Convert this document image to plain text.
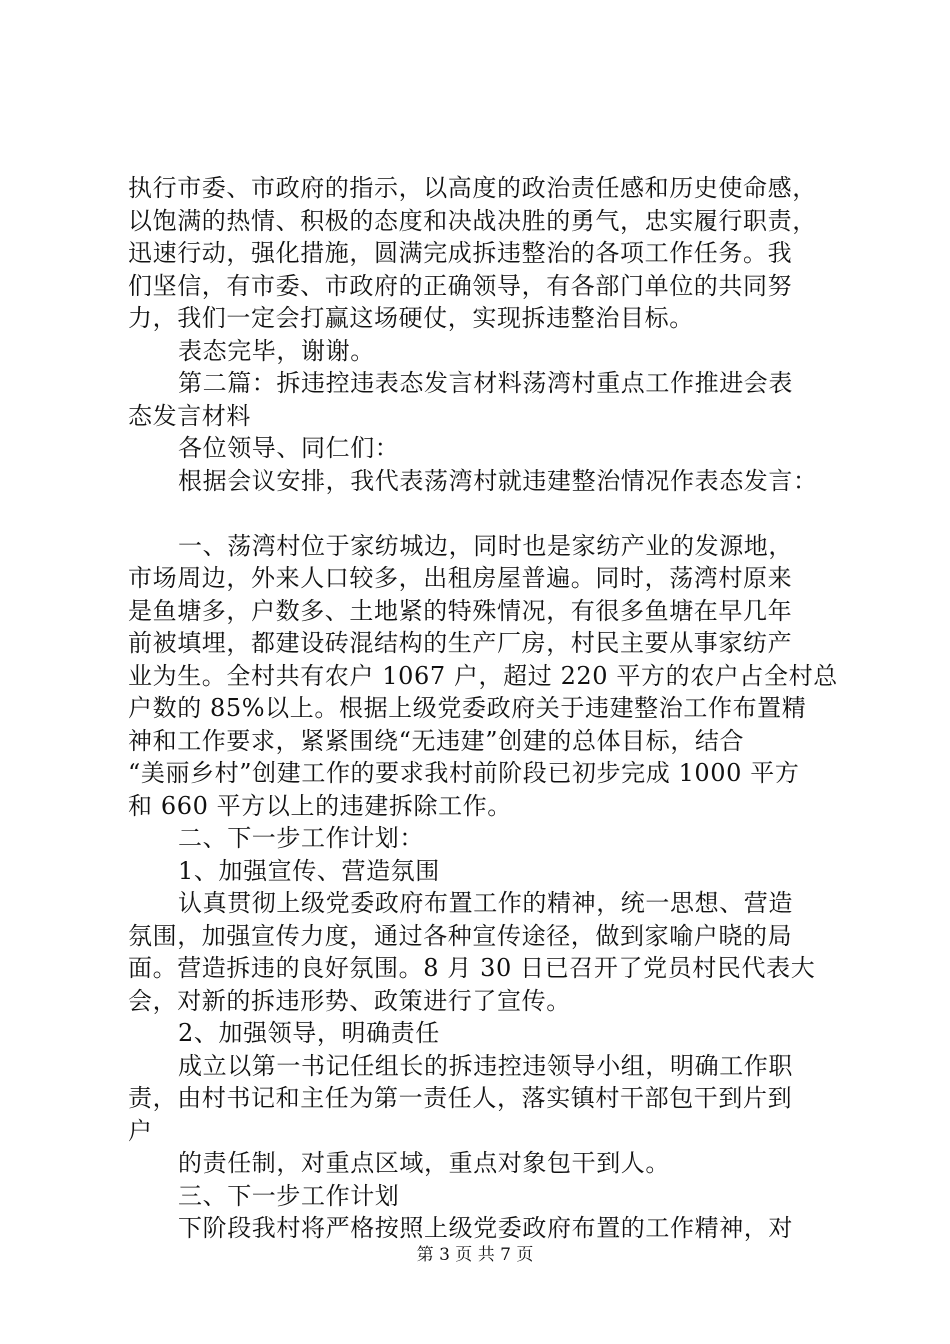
执行市委、市政府的指示，以高度的政治责任感和历史使命感，
以饱满的热情、积极的态度和决战决胜的勇气，忠实履行职责，
迅速行动，强化措施，圆满完成拆违整治的各项工作任务。我
们坚信，有市委、市政府的正确领导，有各部门单位的共同努
力，我们一定会打赢这场硬仗，实现拆违整治目标。
表态完毕，谢谢。
第二篇：拆违控违表态发言材料荡湾村重点工作推进会表
态发言材料
各位领导、同仁们：
根据会议安排，我代表荡湾村就违建整治情况作表态发言：
一、荡湾村位于家纺城边，同时也是家纺产业的发源地，
市场周边，外来人口较多，出租房屋普遍。同时，荡湾村原来
是鱼塘多，户数多、土地紧的特殊情况，有很多鱼塘在早几年
前被填埋，都建设砖混结构的生产厂房，村民主要从事家纺产
业为生。全村共有农户 1067 户，超过 220 平方的农户占全村总
户数的 85%以上。根据上级党委政府关于违建整治工作布置精
神和工作要求，紧紧围绕“无违建”创建的总体目标，结合
“美丽乡村”创建工作的要求我村前阶段已初步完成 1000 平方
和 660 平方以上的违建拆除工作。
二、下一步工作计划：
1、加强宣传、营造氛围
认真贯彻上级党委政府布置工作的精神，统一思想、营造
氛围，加强宣传力度，通过各种宣传途径，做到家喻户晓的局
面。营造拆违的良好氛围。8 月 30 日已召开了党员村民代表大
会，对新的拆违形势、政策进行了宣传。
2、加强领导，明确责任
成立以第一书记任组长的拆违控违领导小组，明确工作职
责，由村书记和主任为第一责任人，落实镇村干部包干到片到
户
的责任制，对重点区域，重点对象包干到人。
三、下一步工作计划
下阶段我村将严格按照上级党委政府布置的工作精神，对
第 3 页 共 7 页
